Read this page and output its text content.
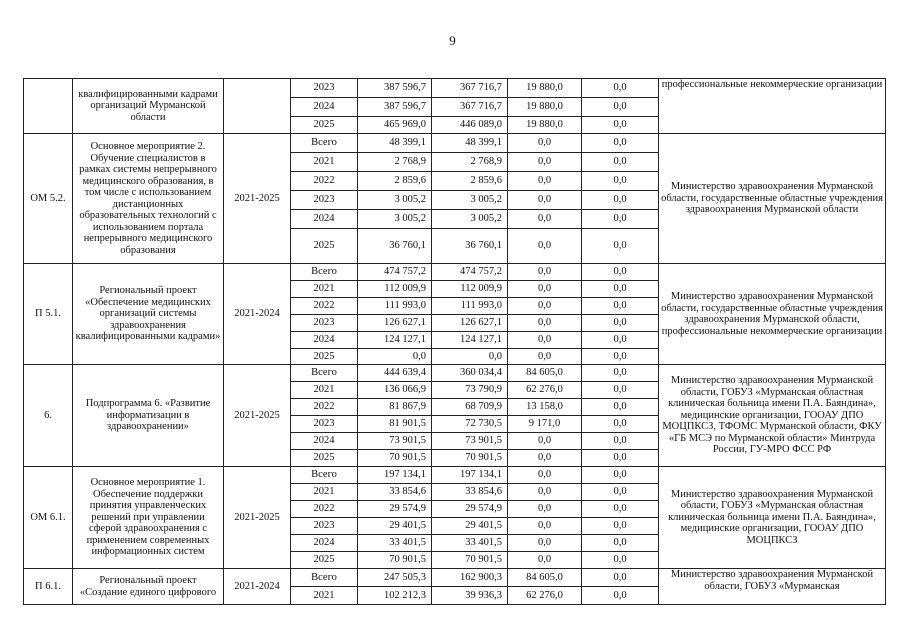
9
	квалифицированными кадрами организаций Мурманской области		2023	387 596,7	367 716,7	19 880,0	0,0	профессиональные некоммерческие организации
			2024	387 596,7	367 716,7	19 880,0	0,0	
			2025	465 969,0	446 089,0	19 880,0	0,0	
ОМ 5.2.	Основное мероприятие 2. Обучение специалистов в рамках системы непрерывного медицинского образования, в том числе с использованием дистанционных образовательных технологий с использованием портала непрерывного медицинского образования	2021-2025	Всего	48 399,1	48 399,1	0,0	0,0	Министерство здравоохранения Мурманской области, государственные областные учреждения здравоохранения Мурманской области
			2021	2 768,9	2 768,9	0,0	0,0	
			2022	2 859,6	2 859,6	0,0	0,0	
			2023	3 005,2	3 005,2	0,0	0,0	
			2024	3 005,2	3 005,2	0,0	0,0	
			2025	36 760,1	36 760,1	0,0	0,0	
П 5.1.	Региональный проект «Обеспечение медицинских организаций системы здравоохранения квалифицированными кадрами»	2021-2024	Всего	474 757,2	474 757,2	0,0	0,0	Министерство здравоохранения Мурманской области, государственные областные учреждения здравоохранения Мурманской области, профессиональные некоммерческие организации
			2021	112 009,9	112 009,9	0,0	0,0	
			2022	111 993,0	111 993,0	0,0	0,0	
			2023	126 627,1	126 627,1	0,0	0,0	
			2024	124 127,1	124 127,1	0,0	0,0	
			2025	0,0	0,0	0,0	0,0	
6.	Подпрограмма 6. «Развитие информатизации в здравоохранении»	2021-2025	Всего	444 639,4	360 034,4	84 605,0	0,0	Министерство здравоохранения Мурманской области, ГОБУЗ «Мурманская областная клиническая больница имени П.А. Баяндина», медицинские организации, ГООАУ ДПО МОЦПКСЗ, ТФОМС Мурманской области, ФКУ «ГБ МСЭ по Мурманской области» Минтруда России, ГУ-МРО ФСС РФ
			2021	136 066,9	73 790,9	62 276,0	0,0	
			2022	81 867,9	68 709,9	13 158,0	0,0	
			2023	81 901,5	72 730,5	9 171,0	0,0	
			2024	73 901,5	73 901,5	0,0	0,0	
			2025	70 901,5	70 901,5	0,0	0,0	
ОМ 6.1.	Основное мероприятие 1. Обеспечение поддержки принятия управленческих решений при управлении сферой здравоохранения с применением современных информационных систем	2021-2025	Всего	197 134,1	197 134,1	0,0	0,0	Министерство здравоохранения Мурманской области, ГОБУЗ «Мурманская областная клиническая больница имени П.А. Баяндина», медицинские организации, ГООАУ ДПО МОЦПКСЗ
			2021	33 854,6	33 854,6	0,0	0,0	
			2022	29 574,9	29 574,9	0,0	0,0	
			2023	29 401,5	29 401,5	0,0	0,0	
			2024	33 401,5	33 401,5	0,0	0,0	
			2025	70 901,5	70 901,5	0,0	0,0	
П 6.1.	Региональный проект «Создание единого цифрового	2021-2024	Всего	247 505,3	162 900,3	84 605,0	0,0	Министерство здравоохранения Мурманской области, ГОБУЗ «Мурманская
			2021	102 212,3	39 936,3	62 276,0	0,0	
